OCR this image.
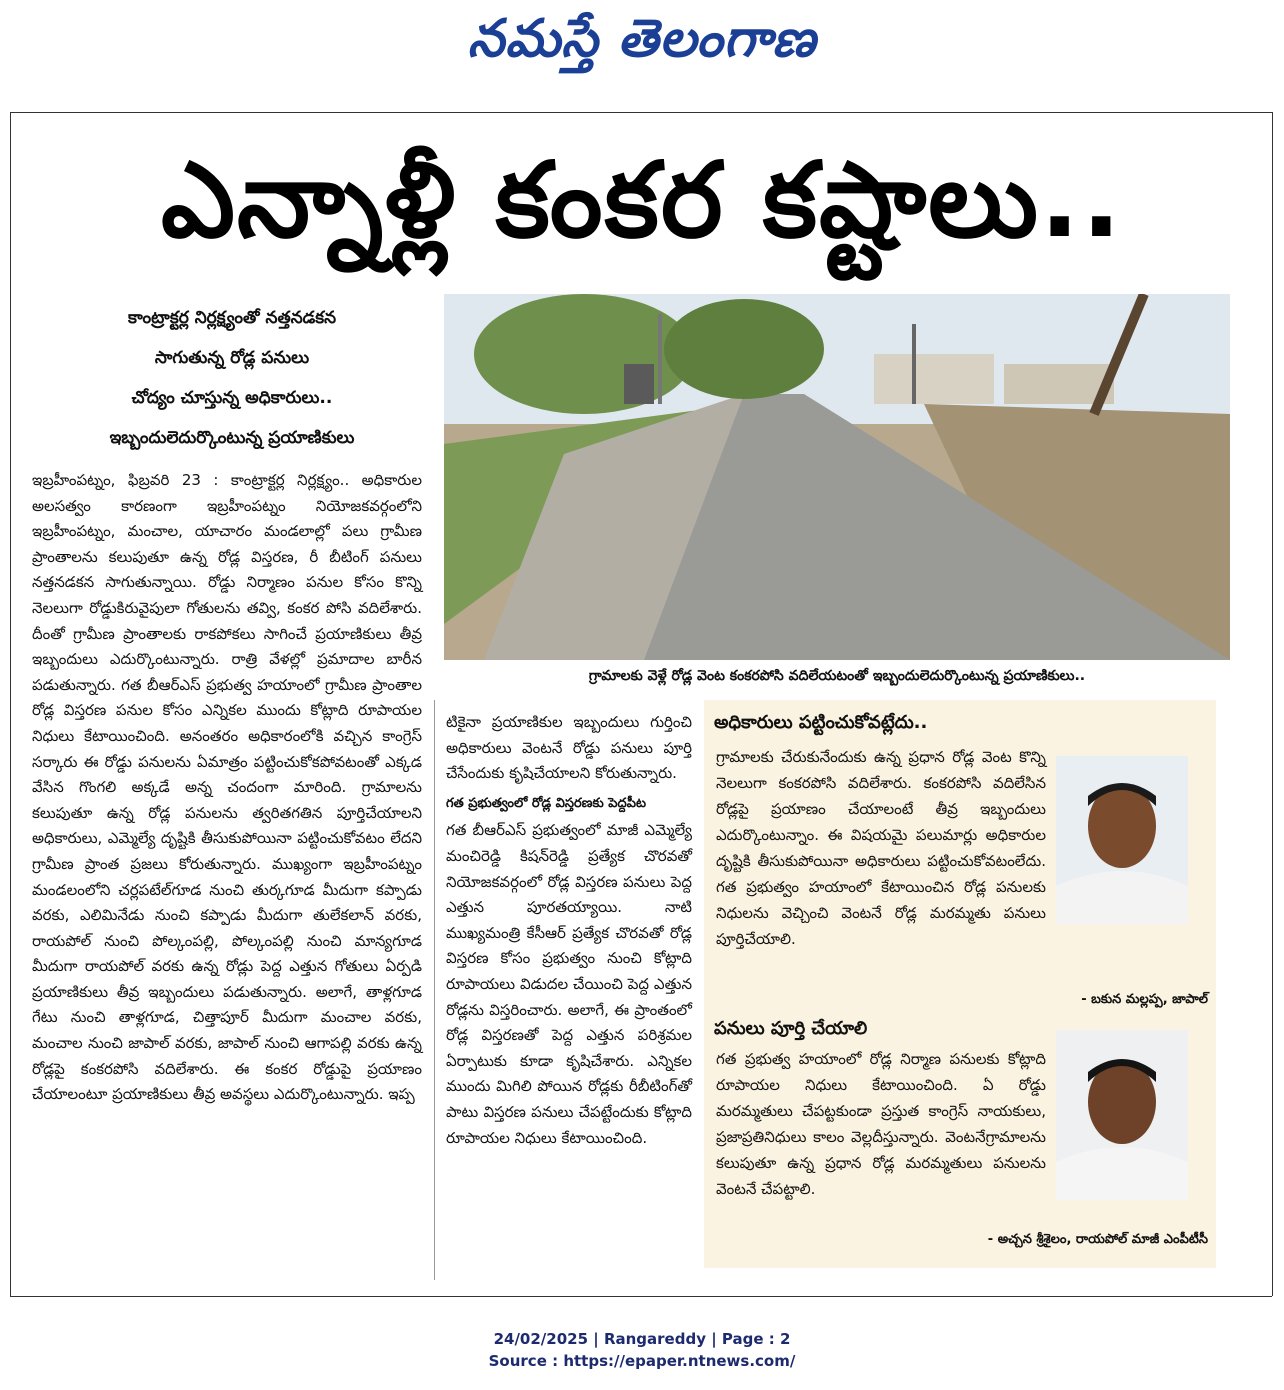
నమస్తే తెలంగాణ
ఎన్నాళ్లీ కంకర కష్టాలు..
కాంట్రాక్టర్ల నిర్లక్ష్యంతో నత్తనడకన
సాగుతున్న రోడ్ల పనులు
చోద్యం చూస్తున్న అధికారులు..
ఇబ్బందులెదుర్కొంటున్న ప్రయాణికులు
గ్రామాలకు వెళ్లే రోడ్ల వెంట కంకరపోసి వదిలేయటంతో ఇబ్బందులెదుర్కొంటున్న ప్రయాణికులు..
ఇబ్రహీంపట్నం, ఫిబ్రవరి 23 : కాంట్రాక్టర్ల నిర్లక్ష్యం.. అధికారుల అలసత్వం కారణంగా ఇబ్రహీంపట్నం నియోజకవర్గంలోని ఇబ్రహీంపట్నం, మంచాల, యాచారం మండలాల్లో పలు గ్రామీణ ప్రాంతాలను కలుపుతూ ఉన్న రోడ్ల విస్తరణ, రీ బీటింగ్ పనులు నత్తనడకన సాగుతున్నాయి. రోడ్డు నిర్మాణం పనుల కోసం కొన్ని నెలలుగా రోడ్డుకిరువైపులా గోతులను తవ్వి, కంకర పోసి వదిలేశారు. దీంతో గ్రామీణ ప్రాంతాలకు రాకపోకలు సాగించే ప్రయాణికులు తీవ్ర ఇబ్బందులు ఎదుర్కొంటున్నారు. రాత్రి వేళల్లో ప్రమాదాల బారీన పడుతున్నారు. గత బీఆర్ఎస్ ప్రభుత్వ హయాంలో గ్రామీణ ప్రాంతాల రోడ్ల విస్తరణ పనుల కోసం ఎన్నికల ముందు కోట్లాది రూపాయల నిధులు కేటాయించింది. అనంతరం అధికారంలోకి వచ్చిన కాంగ్రెస్ సర్కారు ఈ రోడ్డు పనులను ఏమాత్రం పట్టించుకోకపోవటంతో ఎక్కడ వేసిన గొంగలి అక్కడే అన్న చందంగా మారింది. గ్రామాలను కలుపుతూ ఉన్న రోడ్ల పనులను త్వరితగతిన పూర్తిచేయాలని అధికారులు, ఎమ్మెల్యే దృష్టికి తీసుకుపోయినా పట్టించుకోవటం లేదని గ్రామీణ ప్రాంత ప్రజలు కోరుతున్నారు. ముఖ్యంగా ఇబ్రహీంపట్నం మండలంలోని చర్లపటేల్‌గూడ నుంచి తుర్కగూడ మీదుగా కప్పాడు వరకు, ఎలిమినేడు నుంచి కప్పాడు మీదుగా తులేకలాన్ వరకు, రాయపోల్ నుంచి పోల్కంపల్లి, పోల్కంపల్లి నుంచి మాన్యగూడ మీదుగా రాయపోల్ వరకు ఉన్న రోడ్లు పెద్ద ఎత్తున గోతులు ఏర్పడి ప్రయాణికులు తీవ్ర ఇబ్బందులు పడుతున్నారు. అలాగే, తాళ్లగూడ గేటు నుంచి తాళ్లగూడ, చిత్తాపూర్ మీదుగా మంచాల వరకు, మంచాల నుంచి జాపాల్ వరకు, జాపాల్ నుంచి ఆగాపల్లి వరకు ఉన్న రోడ్లపై కంకరపోసి వదిలేశారు. ఈ కంకర రోడ్డుపై ప్రయాణం చేయాలంటూ ప్రయాణికులు తీవ్ర అవస్థలు ఎదుర్కొంటున్నారు. ఇప్ప
టికైనా ప్రయాణికుల ఇబ్బందులు గుర్తించి అధికారులు వెంటనే రోడ్డు పనులు పూర్తి చేసేందుకు కృషిచేయాలని కోరుతున్నారు.
గత ప్రభుత్వంలో రోడ్ల విస్తరణకు పెద్దపీట
గత బీఆర్ఎస్ ప్రభుత్వంలో మాజీ ఎమ్మెల్యే మంచిరెడ్డి కిషన్‌రెడ్డి ప్రత్యేక చొరవతో నియోజకవర్గంలో రోడ్ల విస్తరణ పనులు పెద్ద ఎత్తున పూరతయ్యాయి. నాటి ముఖ్యమంత్రి కేసీఆర్ ప్రత్యేక చొరవతో రోడ్ల విస్తరణ కోసం ప్రభుత్వం నుంచి కోట్లాది రూపాయలు విడుదల చేయించి పెద్ద ఎత్తున రోడ్లను విస్తరించారు. అలాగే, ఈ ప్రాంతంలో రోడ్ల విస్తరణతో పెద్ద ఎత్తున పరిశ్రమల ఏర్పాటుకు కూడా కృషిచేశారు. ఎన్నికల ముందు మిగిలి పోయిన రోడ్లకు రీబీటింగ్‌తో పాటు విస్తరణ పనులు చేపట్టేందుకు కోట్లాది రూపాయల నిధులు కేటాయించింది.
అధికారులు పట్టించుకోవట్లేదు..
గ్రామాలకు చేరుకునేందుకు ఉన్న ప్రధాన రోడ్ల వెంట కొన్ని నెలలుగా కంకరపోసి వదిలేశారు. కంకరపోసి వదిలేసిన రోడ్లపై ప్రయాణం చేయాలంటే తీవ్ర ఇబ్బందులు ఎదుర్కొంటున్నాం. ఈ విషయమై పలుమార్లు అధికారుల దృష్టికి తీసుకుపోయినా అధికారులు పట్టించుకోవటంలేదు. గత ప్రభుత్వం హయాంలో కేటాయించిన రోడ్ల పనులకు నిధులను వెచ్చించి వెంటనే రోడ్ల మరమ్మతు పనులు పూర్తిచేయాలి.
- బకున మల్లప్ప, జాపాల్
పనులు పూర్తి చేయాలి
గత ప్రభుత్వ హయాంలో రోడ్ల నిర్మాణ పనులకు కోట్లాది రూపాయల నిధులు కేటాయించింది. ఏ రోడ్డు మరమ్మతులు చేపట్టకుండా ప్రస్తుత కాంగ్రెస్ నాయకులు, ప్రజాప్రతినిధులు కాలం వెల్లదీస్తున్నారు. వెంటనేగ్రామాలను కలుపుతూ ఉన్న ప్రధాన రోడ్ల మరమ్మతులు పనులను వెంటనే చేపట్టాలి.
- అచ్చన శ్రీశైలం, రాయపోల్ మాజీ ఎంపీటీసీ
24/02/2025 | Rangareddy | Page : 2
Source : https://epaper.ntnews.com/
